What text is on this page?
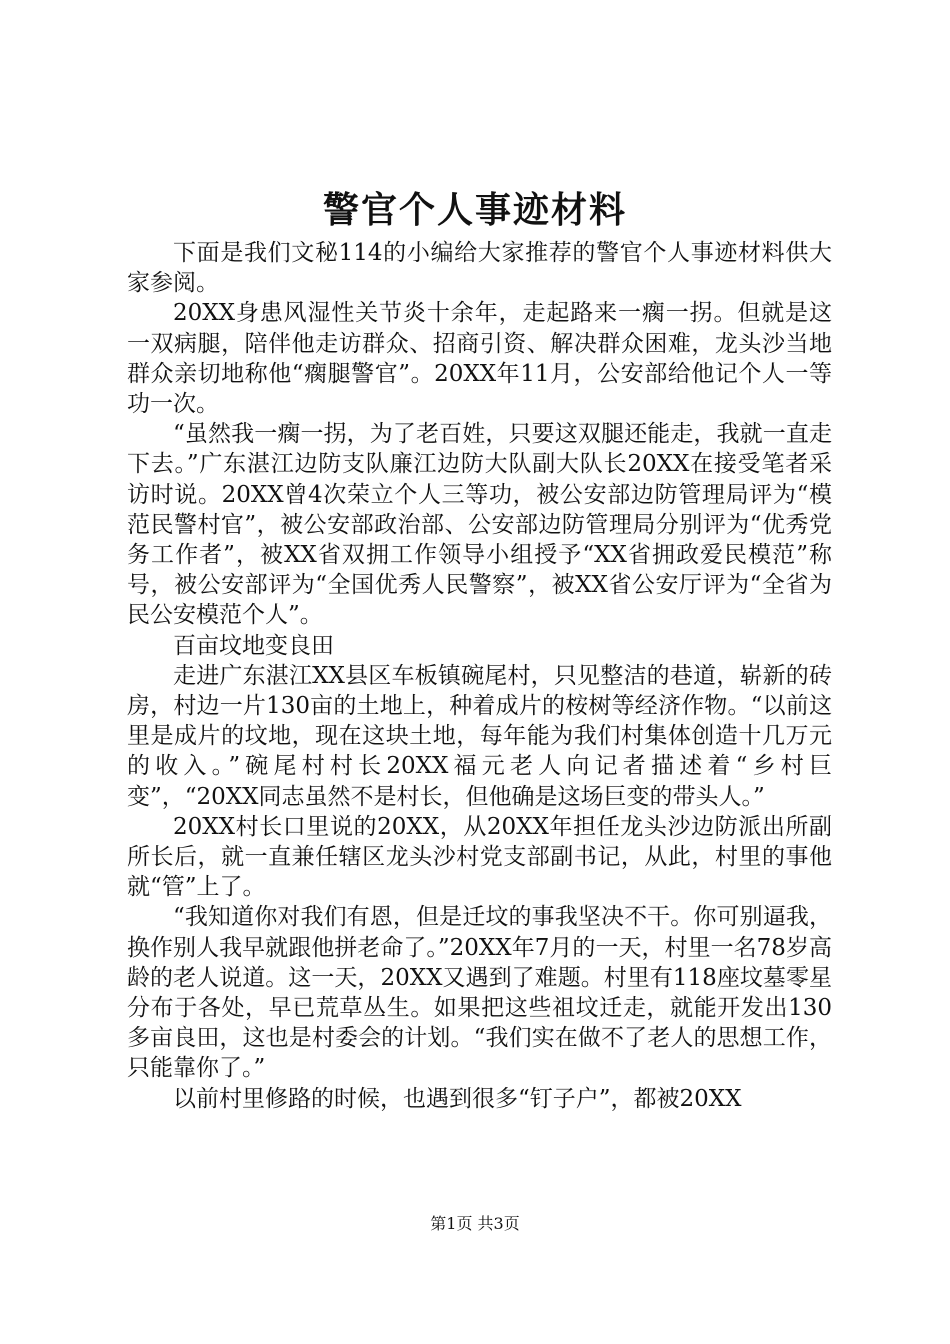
警官个人事迹材料

下面是我们文秘114的小编给大家推荐的警官个人事迹材料供大家参阅。

20XX身患风湿性关节炎十余年，走起路来一瘸一拐。但就是这一双病腿，陪伴他走访群众、招商引资、解决群众困难，龙头沙当地群众亲切地称他“瘸腿警官”。20XX年11月，公安部给他记个人一等功一次。

“虽然我一瘸一拐，为了老百姓，只要这双腿还能走，我就一直走下去。”广东湛江边防支队廉江边防大队副大队长20XX在接受笔者采访时说。20XX曾4次荣立个人三等功，被公安部边防管理局评为“模范民警村官”，被公安部政治部、公安部边防管理局分别评为“优秀党务工作者”，被XX省双拥工作领导小组授予“XX省拥政爱民模范”称号，被公安部评为“全国优秀人民警察”，被XX省公安厅评为“全省为民公安模范个人”。

百亩坟地变良田

走进广东湛江XX县区车板镇碗尾村，只见整洁的巷道，崭新的砖房，村边一片130亩的土地上，种着成片的桉树等经济作物。“以前这里是成片的坟地，现在这块土地，每年能为我们村集体创造十几万元的收入。”碗尾村村长20XX福元老人向记者描述着“乡村巨变”，“20XX同志虽然不是村长，但他确是这场巨变的带头人。”

20XX村长口里说的20XX，从20XX年担任龙头沙边防派出所副所长后，就一直兼任辖区龙头沙村党支部副书记，从此，村里的事他就“管”上了。

“我知道你对我们有恩，但是迁坟的事我坚决不干。你可别逼我，换作别人我早就跟他拼老命了。”20XX年7月的一天，村里一名78岁高龄的老人说道。这一天，20XX又遇到了难题。村里有118座坟墓零星分布于各处，早已荒草丛生。如果把这些祖坟迁走，就能开发出130多亩良田，这也是村委会的计划。“我们实在做不了老人的思想工作，只能靠你了。”

以前村里修路的时候，也遇到很多“钉子户”，都被20XX

第1页 共3页
